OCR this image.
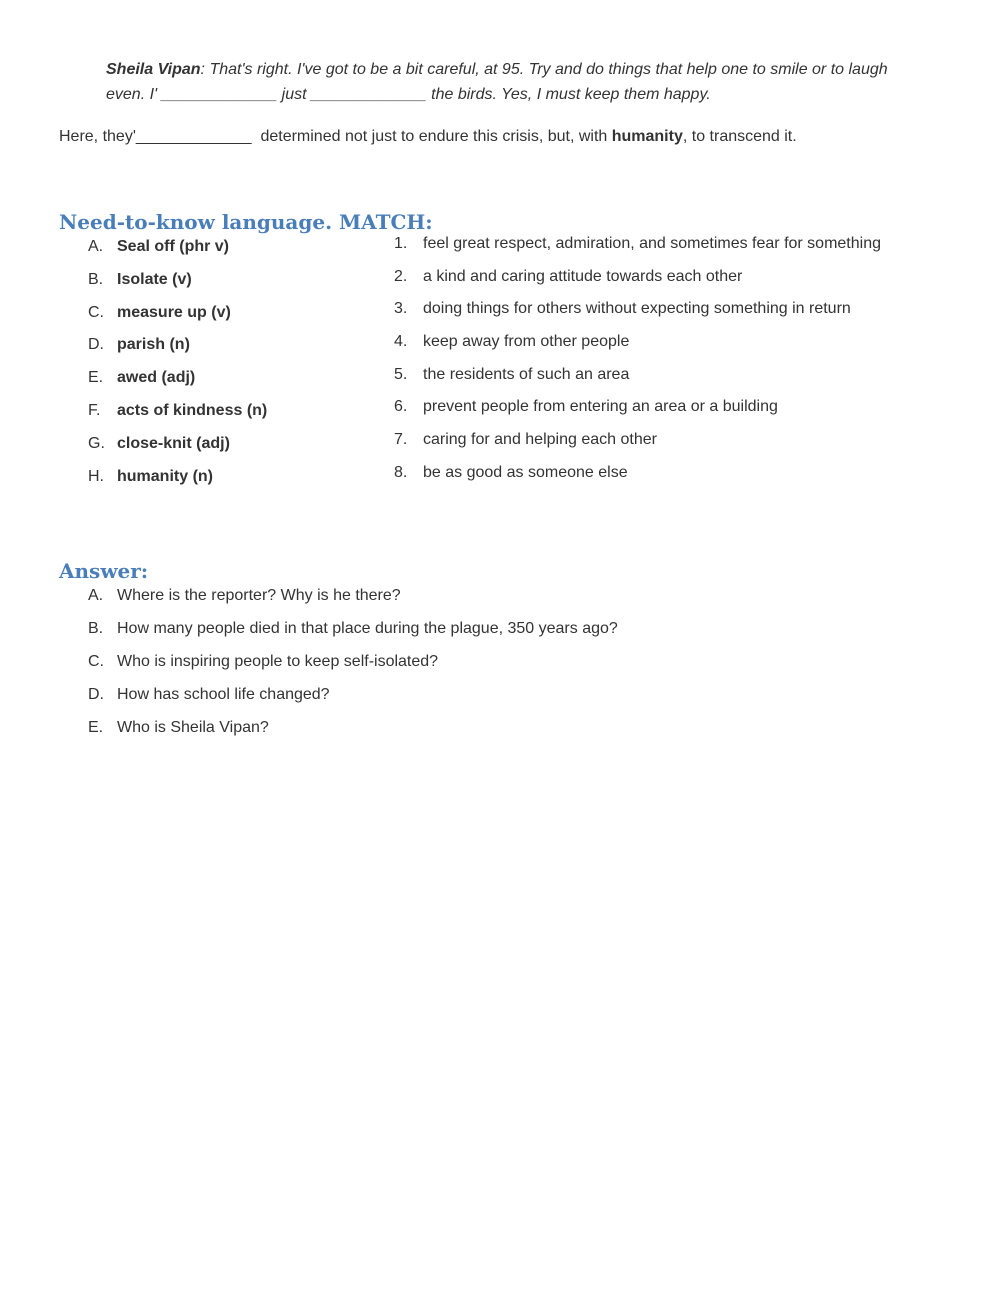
Sheila Vipan: That's right. I've got to be a bit careful, at 95. Try and do things that help one to smile or to laugh even. I' _____________ just _____________ the birds. Yes, I must keep them happy.
Here, they'_____________  determined not just to endure this crisis, but, with humanity, to transcend it.
Need-to-know language. MATCH:
A. Seal off (phr v)
B. Isolate (v)
C. measure up (v)
D. parish (n)
E. awed (adj)
F.	acts of kindness (n)
G. close-knit (adj)
H. humanity (n)
1. feel great respect, admiration, and sometimes fear for something
2. a kind and caring attitude towards each other
3. doing things for others without expecting something in return
4. keep away from other people
5. the residents of such an area
6. prevent people from entering an area or a building
7. caring for and helping each other
8. be as good as someone else
Answer:
A. Where is the reporter? Why is he there?
B. How many people died in that place during the plague, 350 years ago?
C. Who is inspiring people to keep self-isolated?
D. How has school life changed?
E. Who is Sheila Vipan?
